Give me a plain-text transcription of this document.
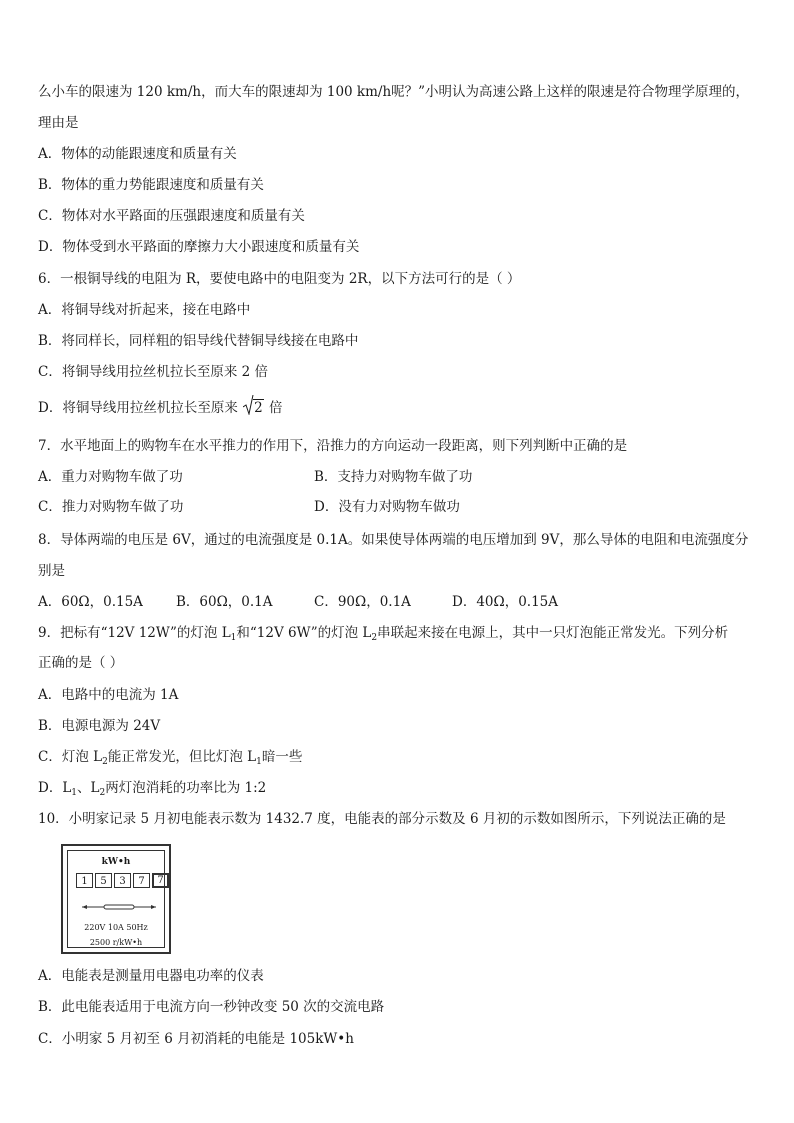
么小车的限速为 120 km/h，而大车的限速却为 100 km/h呢？”小明认为高速公路上这样的限速是符合物理学原理的，
理由是
A．物体的动能跟速度和质量有关
B．物体的重力势能跟速度和质量有关
C．物体对水平路面的压强跟速度和质量有关
D．物体受到水平路面的摩擦力大小跟速度和质量有关
6．一根铜导线的电阻为 R，要使电路中的电阻变为 2R，以下方法可行的是（ ）
A．将铜导线对折起来，接在电路中
B．将同样长，同样粗的铝导线代替铜导线接在电路中
C．将铜导线用拉丝机拉长至原来 2 倍
D．将铜导线用拉丝机拉长至原来
2 倍
7．水平地面上的购物车在水平推力的作用下，沿推力的方向运动一段距离，则下列判断中正确的是
A．重力对购物车做了功	B．支持力对购物车做了功
C．推力对购物车做了功	D．没有力对购物车做功
8．导体两端的电压是 6V，通过的电流强度是 0.1A。如果使导体两端的电压增加到 9V，那么导体的电阻和电流强度分
别是
A．60Ω，0.15A B．60Ω，0.1A	C．90Ω，0.1A	D．40Ω，0.15A
9．把标有“12V 12W”的灯泡 $L_1$和“12V 6W”的灯泡 $L_2$串联起来接在电源上，其中一只灯泡能正常发光。下列分析
正确的是（ ）
A．电路中的电流为 1A
B．电源电源为 24V
C．灯泡 $L_2$能正常发光，但比灯泡 $L_1$暗一些
D．$L_1$、$L_2$两灯泡消耗的功率比为 1:2
10．小明家记录 5 月初电能表示数为 1432.7 度，电能表的部分示数及 6 月初的示数如图所示，下列说法正确的是
kW•h
1	5	3	7	7
220V 10A 50Hz
2500 r/kW•h
A．电能表是测量用电器电功率的仪表
B．此电能表适用于电流方向一秒钟改变 50 次的交流电路
C．小明家 5 月初至 6 月初消耗的电能是 105kW•h
